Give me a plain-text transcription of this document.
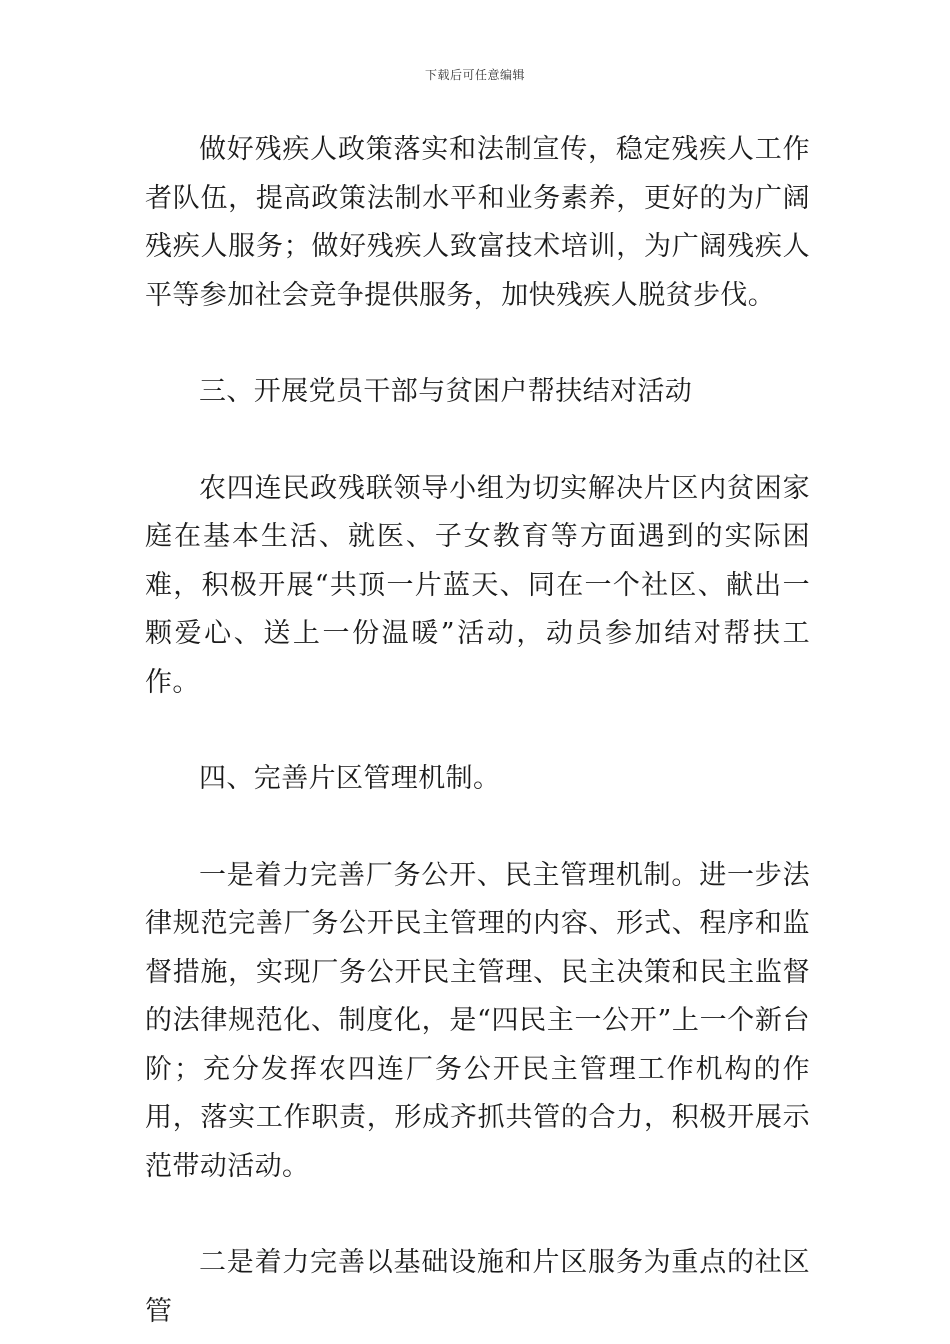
下载后可任意编辑

做好残疾人政策落实和法制宣传，稳定残疾人工作者队伍，提高政策法制水平和业务素养，更好的为广阔残疾人服务；做好残疾人致富技术培训，为广阔残疾人平等参加社会竞争提供服务，加快残疾人脱贫步伐。

三、开展党员干部与贫困户帮扶结对活动

农四连民政残联领导小组为切实解决片区内贫困家庭在基本生活、就医、子女教育等方面遇到的实际困难，积极开展“共顶一片蓝天、同在一个社区、献出一颗爱心、送上一份温暖”活动，动员参加结对帮扶工作。

四、完善片区管理机制。

一是着力完善厂务公开、民主管理机制。进一步法律规范完善厂务公开民主管理的内容、形式、程序和监督措施，实现厂务公开民主管理、民主决策和民主监督的法律规范化、制度化，是“四民主一公开”上一个新台阶；充分发挥农四连厂务公开民主管理工作机构的作用，落实工作职责，形成齐抓共管的合力，积极开展示范带动活动。

二是着力完善以基础设施和片区服务为重点的社区管
